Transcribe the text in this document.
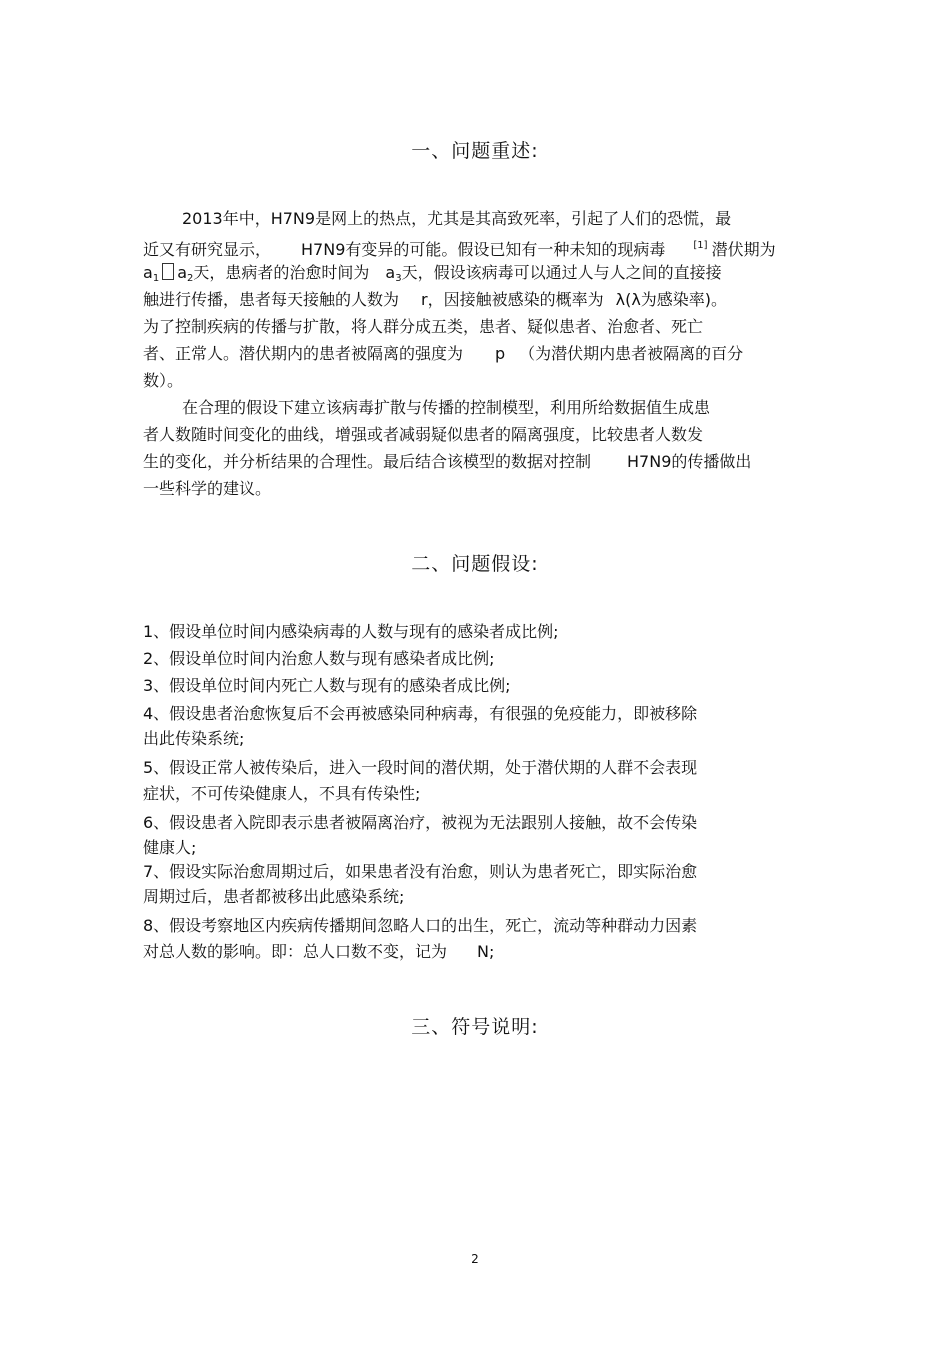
一、问题重述:
2013年中，H7N9是网上的热点，尤其是其高致死率，引起了人们的恐慌，最
近又有研究显示， H7N9有变异的可能。假设已知有一种未知的现病毒	[1] 潜伏期为
$a_1$ $a_2$天，患病者的治愈时间为 $a_3$天，假设该病毒可以通过人与人之间的直接接
触进行传播，患者每天接触的人数为 r，因接触被感染的概率为 λ(λ为感染率)。
为了控制疾病的传播与扩散，将人群分成五类，患者、疑似患者、治愈者、死亡
者、正常人。潜伏期内的患者被隔离的强度为 p （为潜伏期内患者被隔离的百分
数）。
在合理的假设下建立该病毒扩散与传播的控制模型，利用所给数据值生成患
者人数随时间变化的曲线，增强或者减弱疑似患者的隔离强度，比较患者人数发
生的变化，并分析结果的合理性。最后结合该模型的数据对控制 H7N9的传播做出
一些科学的建议。
二、问题假设:
1、假设单位时间内感染病毒的人数与现有的感染者成比例;
2、假设单位时间内治愈人数与现有感染者成比例;
3、假设单位时间内死亡人数与现有的感染者成比例;
4、假设患者治愈恢复后不会再被感染同种病毒，有很强的免疫能力，即被移除
出此传染系统;
5、假设正常人被传染后，进入一段时间的潜伏期，处于潜伏期的人群不会表现
症状，不可传染健康人，不具有传染性;
6、假设患者入院即表示患者被隔离治疗，被视为无法跟别人接触，故不会传染
健康人;
7、假设实际治愈周期过后，如果患者没有治愈，则认为患者死亡，即实际治愈
周期过后，患者都被移出此感染系统;
8、假设考察地区内疾病传播期间忽略人口的出生，死亡，流动等种群动力因素
对总人数的影响。即：总人口数不变，记为 N;
三、符号说明:
2
